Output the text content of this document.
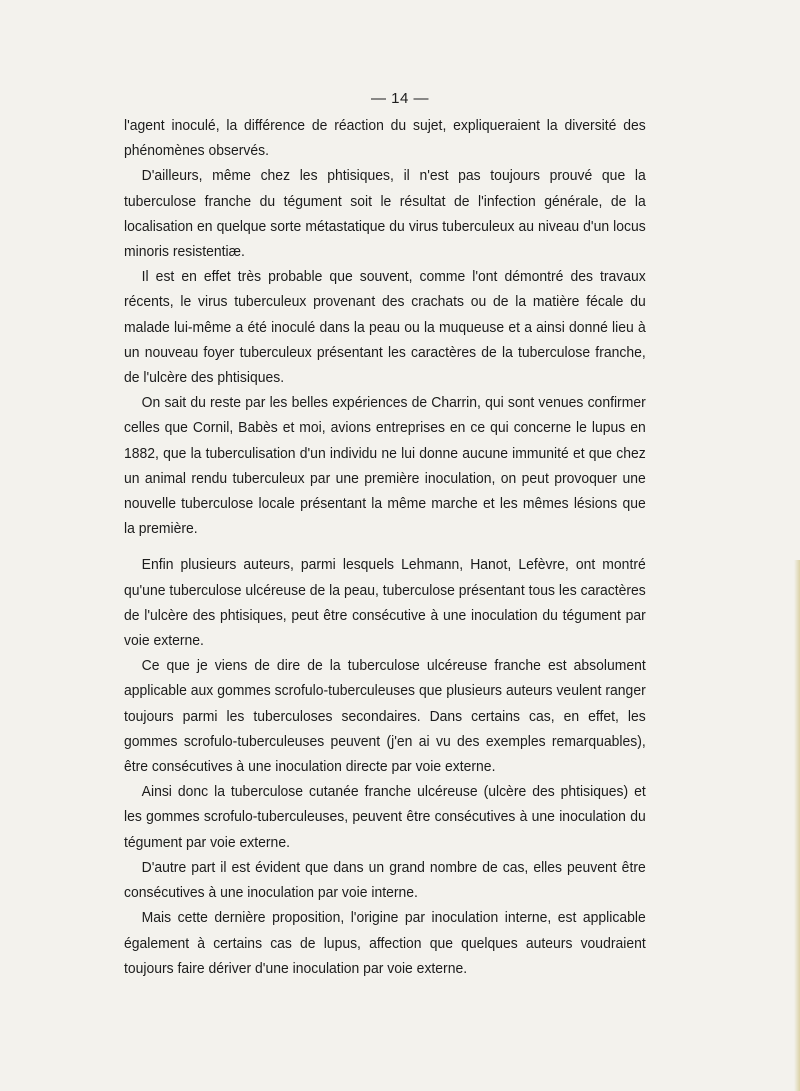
— 14 —

l'agent inoculé, la différence de réaction du sujet, expliqueraient la diversité des phénomènes observés.

D'ailleurs, même chez les phtisiques, il n'est pas toujours prouvé que la tuberculose franche du tégument soit le résultat de l'infection générale, de la localisation en quelque sorte métastatique du virus tuberculeux au niveau d'un locus minoris resistentiæ.

Il est en effet très probable que souvent, comme l'ont démontré des travaux récents, le virus tuberculeux provenant des crachats ou de la matière fécale du malade lui-même a été inoculé dans la peau ou la muqueuse et a ainsi donné lieu à un nouveau foyer tuberculeux présentant les caractères de la tuberculose franche, de l'ulcère des phtisiques.

On sait du reste par les belles expériences de Charrin, qui sont venues confirmer celles que Cornil, Babès et moi, avions entreprises en ce qui concerne le lupus en 1882, que la tuberculisation d'un individu ne lui donne aucune immunité et que chez un animal rendu tuberculeux par une première inoculation, on peut provoquer une nouvelle tuberculose locale présentant la même marche et les mêmes lésions que la première.

Enfin plusieurs auteurs, parmi lesquels Lehmann, Hanot, Lefèvre, ont montré qu'une tuberculose ulcéreuse de la peau, tuberculose présentant tous les caractères de l'ulcère des phtisiques, peut être consécutive à une inoculation du tégument par voie externe.

Ce que je viens de dire de la tuberculose ulcéreuse franche est absolument applicable aux gommes scrofulo-tuberculeuses que plusieurs auteurs veulent ranger toujours parmi les tuberculoses secondaires. Dans certains cas, en effet, les gommes scrofulo-tuberculeuses peuvent (j'en ai vu des exemples remarquables), être consécutives à une inoculation directe par voie externe.

Ainsi donc la tuberculose cutanée franche ulcéreuse (ulcère des phtisiques) et les gommes scrofulo-tuberculeuses, peuvent être consécutives à une inoculation du tégument par voie externe.

D'autre part il est évident que dans un grand nombre de cas, elles peuvent être consécutives à une inoculation par voie interne.

Mais cette dernière proposition, l'origine par inoculation interne, est applicable également à certains cas de lupus, affection que quelques auteurs voudraient toujours faire dériver d'une inoculation par voie externe.
